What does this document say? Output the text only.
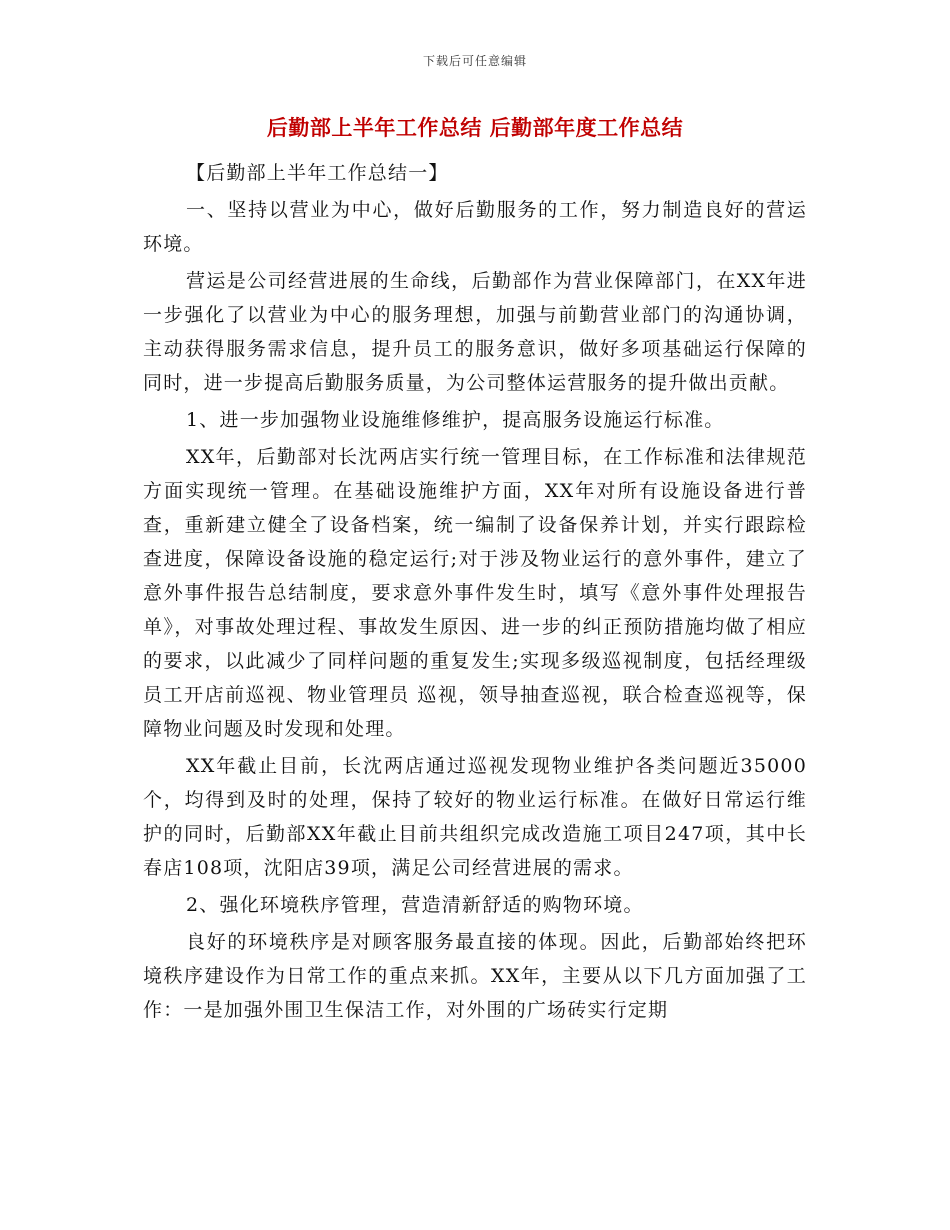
下载后可任意编辑
后勤部上半年工作总结 后勤部年度工作总结

【后勤部上半年工作总结一】

一、坚持以营业为中心，做好后勤服务的工作，努力制造良好的营运环境。

营运是公司经营进展的生命线，后勤部作为营业保障部门，在XX年进一步强化了以营业为中心的服务理想，加强与前勤营业部门的沟通协调，主动获得服务需求信息，提升员工的服务意识，做好多项基础运行保障的同时，进一步提高后勤服务质量，为公司整体运营服务的提升做出贡献。

1、进一步加强物业设施维修维护，提高服务设施运行标准。

XX年，后勤部对长沈两店实行统一管理目标，在工作标准和法律规范方面实现统一管理。在基础设施维护方面，XX年对所有设施设备进行普查，重新建立健全了设备档案，统一编制了设备保养计划，并实行跟踪检查进度，保障设备设施的稳定运行;对于涉及物业运行的意外事件，建立了意外事件报告总结制度，要求意外事件发生时，填写《意外事件处理报告单》，对事故处理过程、事故发生原因、进一步的纠正预防措施均做了相应的要求，以此减少了同样问题的重复发生;实现多级巡视制度，包括经理级员工开店前巡视、物业管理员 巡视，领导抽查巡视，联合检查巡视等，保障物业问题及时发现和处理。

XX年截止目前，长沈两店通过巡视发现物业维护各类问题近35000个，均得到及时的处理，保持了较好的物业运行标准。在做好日常运行维护的同时，后勤部XX年截止目前共组织完成改造施工项目247项，其中长春店108项，沈阳店39项，满足公司经营进展的需求。

2、强化环境秩序管理，营造清新舒适的购物环境。

良好的环境秩序是对顾客服务最直接的体现。因此，后勤部始终把环境秩序建设作为日常工作的重点来抓。XX年，主要从以下几方面加强了工作：一是加强外围卫生保洁工作，对外围的广场砖实行定期
